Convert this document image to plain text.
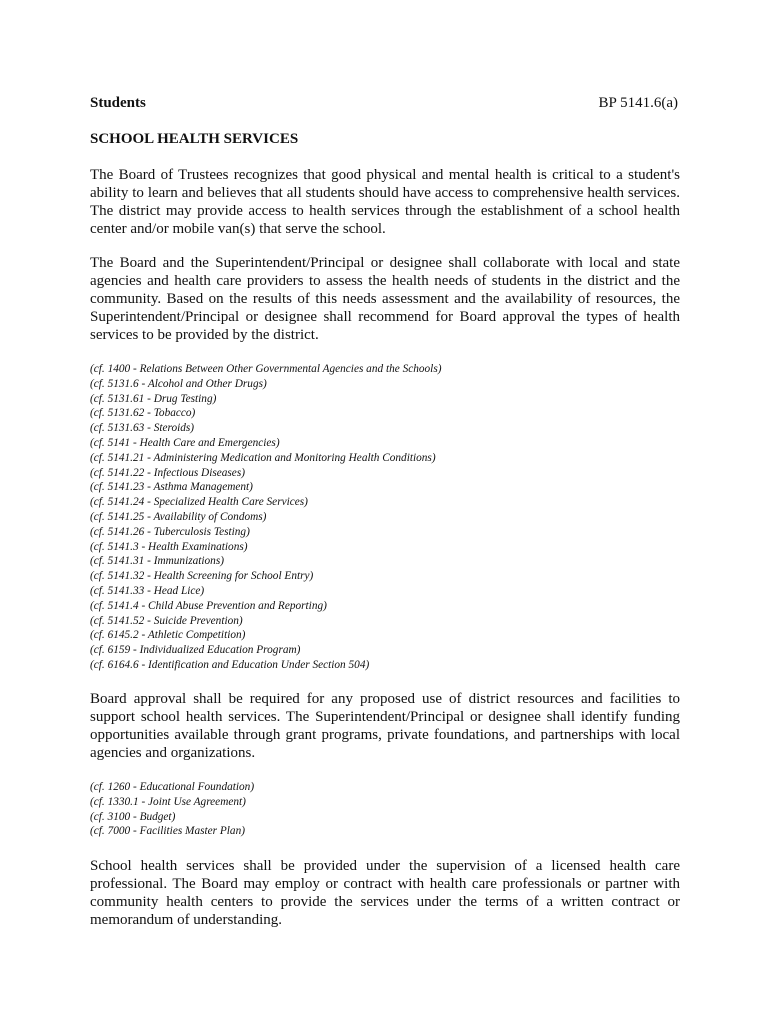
Students	BP 5141.6(a)
SCHOOL HEALTH SERVICES

The Board of Trustees recognizes that good physical and mental health is critical to a student's ability to learn and believes that all students should have access to comprehensive health services. The district may provide access to health services through the establishment of a school health center and/or mobile van(s) that serve the school.

The Board and the Superintendent/Principal or designee shall collaborate with local and state agencies and health care providers to assess the health needs of students in the district and the community. Based on the results of this needs assessment and the availability of resources, the Superintendent/Principal or designee shall recommend for Board approval the types of health services to be provided by the district.

(cf. 1400 - Relations Between Other Governmental Agencies and the Schools)
(cf. 5131.6 - Alcohol and Other Drugs)
(cf. 5131.61 - Drug Testing)
(cf. 5131.62 - Tobacco)
(cf. 5131.63 - Steroids)
(cf. 5141 - Health Care and Emergencies)
(cf. 5141.21 - Administering Medication and Monitoring Health Conditions)
(cf. 5141.22 - Infectious Diseases)
(cf. 5141.23 - Asthma Management)
(cf. 5141.24 - Specialized Health Care Services)
(cf. 5141.25 - Availability of Condoms)
(cf. 5141.26 - Tuberculosis Testing)
(cf. 5141.3 - Health Examinations)
(cf. 5141.31 - Immunizations)
(cf. 5141.32 - Health Screening for School Entry)
(cf. 5141.33 - Head Lice)
(cf. 5141.4 - Child Abuse Prevention and Reporting)
(cf. 5141.52 - Suicide Prevention)
(cf. 6145.2 - Athletic Competition)
(cf. 6159 - Individualized Education Program)
(cf. 6164.6 - Identification and Education Under Section 504)

Board approval shall be required for any proposed use of district resources and facilities to support school health services. The Superintendent/Principal or designee shall identify funding opportunities available through grant programs, private foundations, and partnerships with local agencies and organizations.

(cf. 1260 - Educational Foundation)
(cf. 1330.1 - Joint Use Agreement)
(cf. 3100 - Budget)
(cf. 7000 - Facilities Master Plan)

School health services shall be provided under the supervision of a licensed health care professional. The Board may employ or contract with health care professionals or partner with community health centers to provide the services under the terms of a written contract or memorandum of understanding.
